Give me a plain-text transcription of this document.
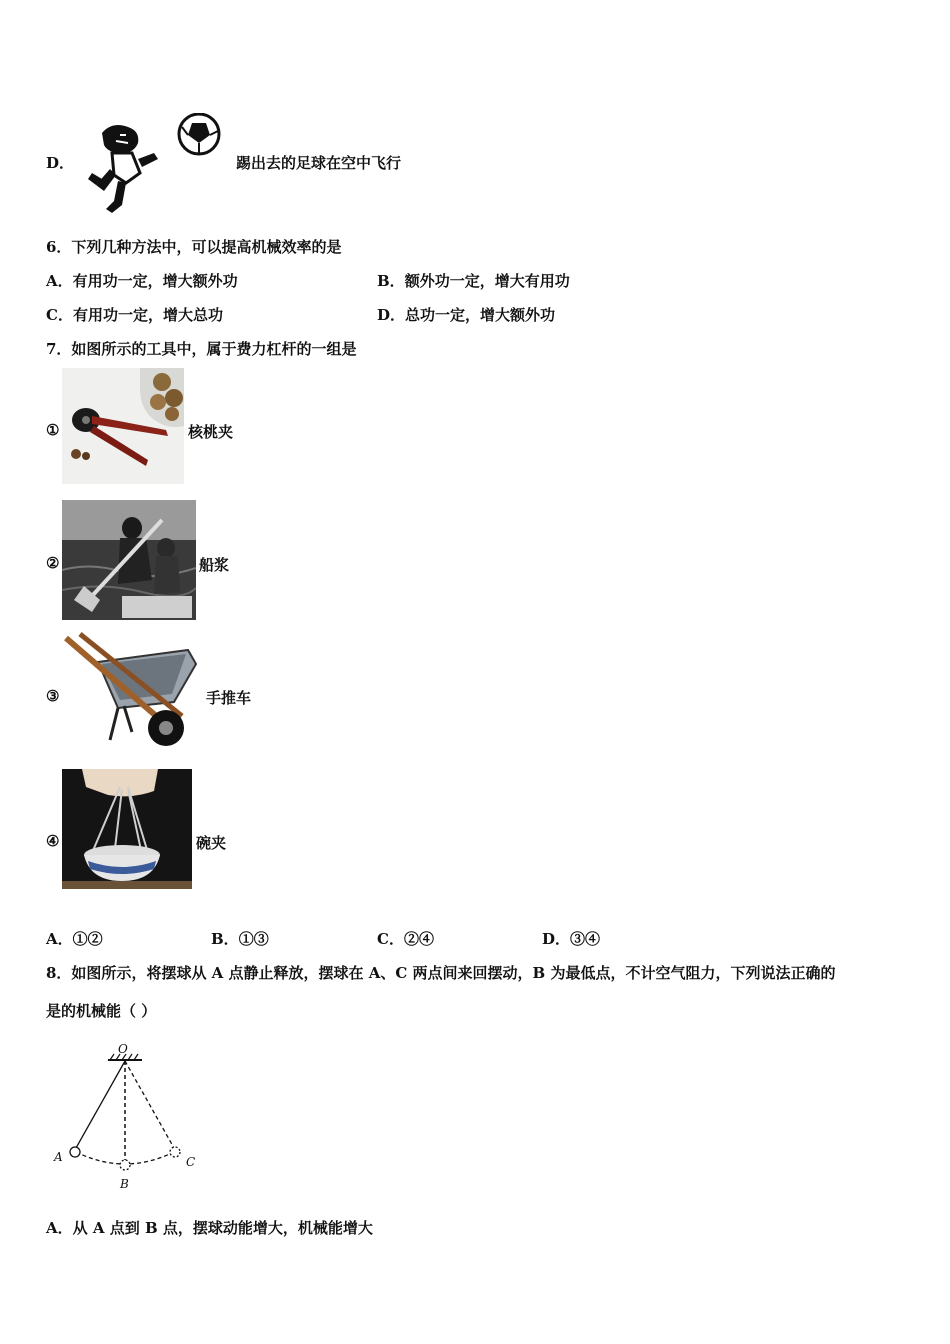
D．	踢出去的足球在空中飞行
6．下列几种方法中，可以提高机械效率的是
A．有用功一定，增大额外功	B．额外功一定，增大有用功
C．有用功一定，增大总功	D．总功一定，增大额外功
7．如图所示的工具中，属于费力杠杆的一组是
①	核桃夹
②	船浆
③	手推车
④	碗夹
A．①②	B．①③	C．②④	D．③④
8．如图所示，将摆球从 A 点静止释放，摆球在 A、C 两点间来回摆动，B 为最低点，不计空气阻力，下列说法正确的
是的机械能（ ）
O
A
B
C
A．从 A 点到 B 点，摆球动能增大，机械能增大
